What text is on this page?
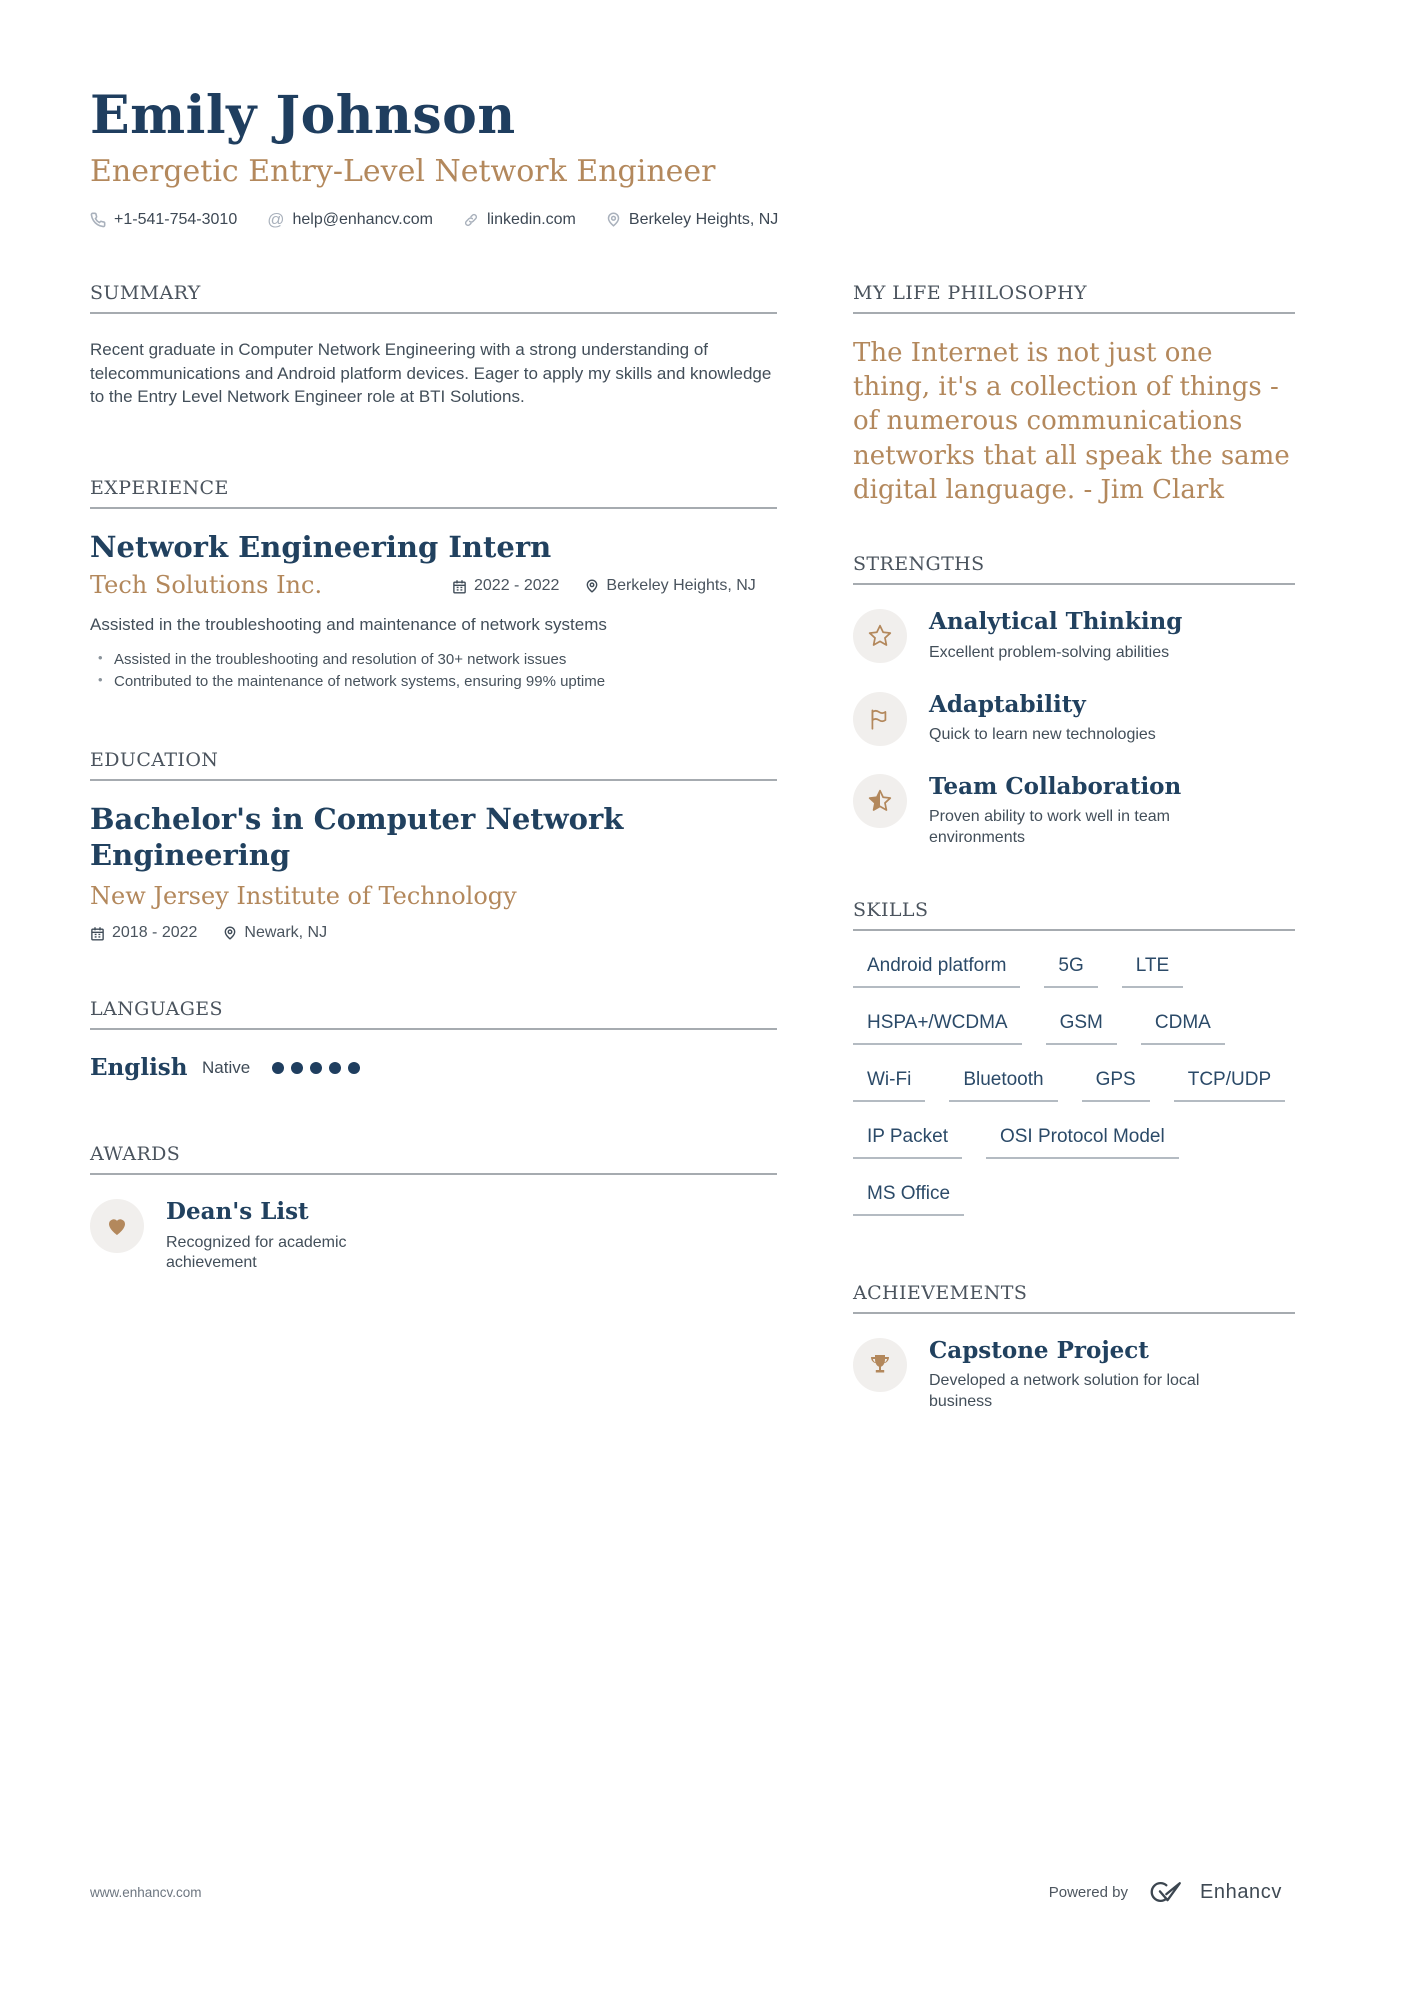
Emily Johnson
Energetic Entry-Level Network Engineer
+1-541-754-3010 @ help@enhancv.com	linkedin.com	Berkeley Heights, NJ
SUMMARY

Recent graduate in Computer Network Engineering with a strong understanding of telecommunications and Android platform devices. Eager to apply my skills and knowledge to the Entry Level Network Engineer role at BTI Solutions.

EXPERIENCE
Network Engineering Intern
Tech Solutions Inc.	2022 - 2022	Berkeley Heights, NJ

Assisted in the troubleshooting and maintenance of network systems

• Assisted in the troubleshooting and resolution of 30+ network issues
• Contributed to the maintenance of network systems, ensuring 99% uptime
EDUCATION
Bachelor's in Computer Network Engineering
New Jersey Institute of Technology
2018 - 2022	Newark, NJ
LANGUAGES
English Native
AWARDS
Dean's List
Recognized for academic achievement
MY LIFE PHILOSOPHY
The Internet is not just one thing, it's a collection of things - of numerous communications networks that all speak the same digital language. - Jim Clark
STRENGTHS
Analytical Thinking
Excellent problem-solving abilities
Adaptability
Quick to learn new technologies
Team Collaboration
Proven ability to work well in team environments
SKILLS
Android platform	5G	LTE
HSPA+/WCDMA	GSM	CDMA
Wi-Fi	Bluetooth	GPS	TCP/UDP
IP Packet	OSI Protocol Model
MS Office
ACHIEVEMENTS
Capstone Project
Developed a network solution for local business
www.enhancv.com	Powered by	Enhancv
